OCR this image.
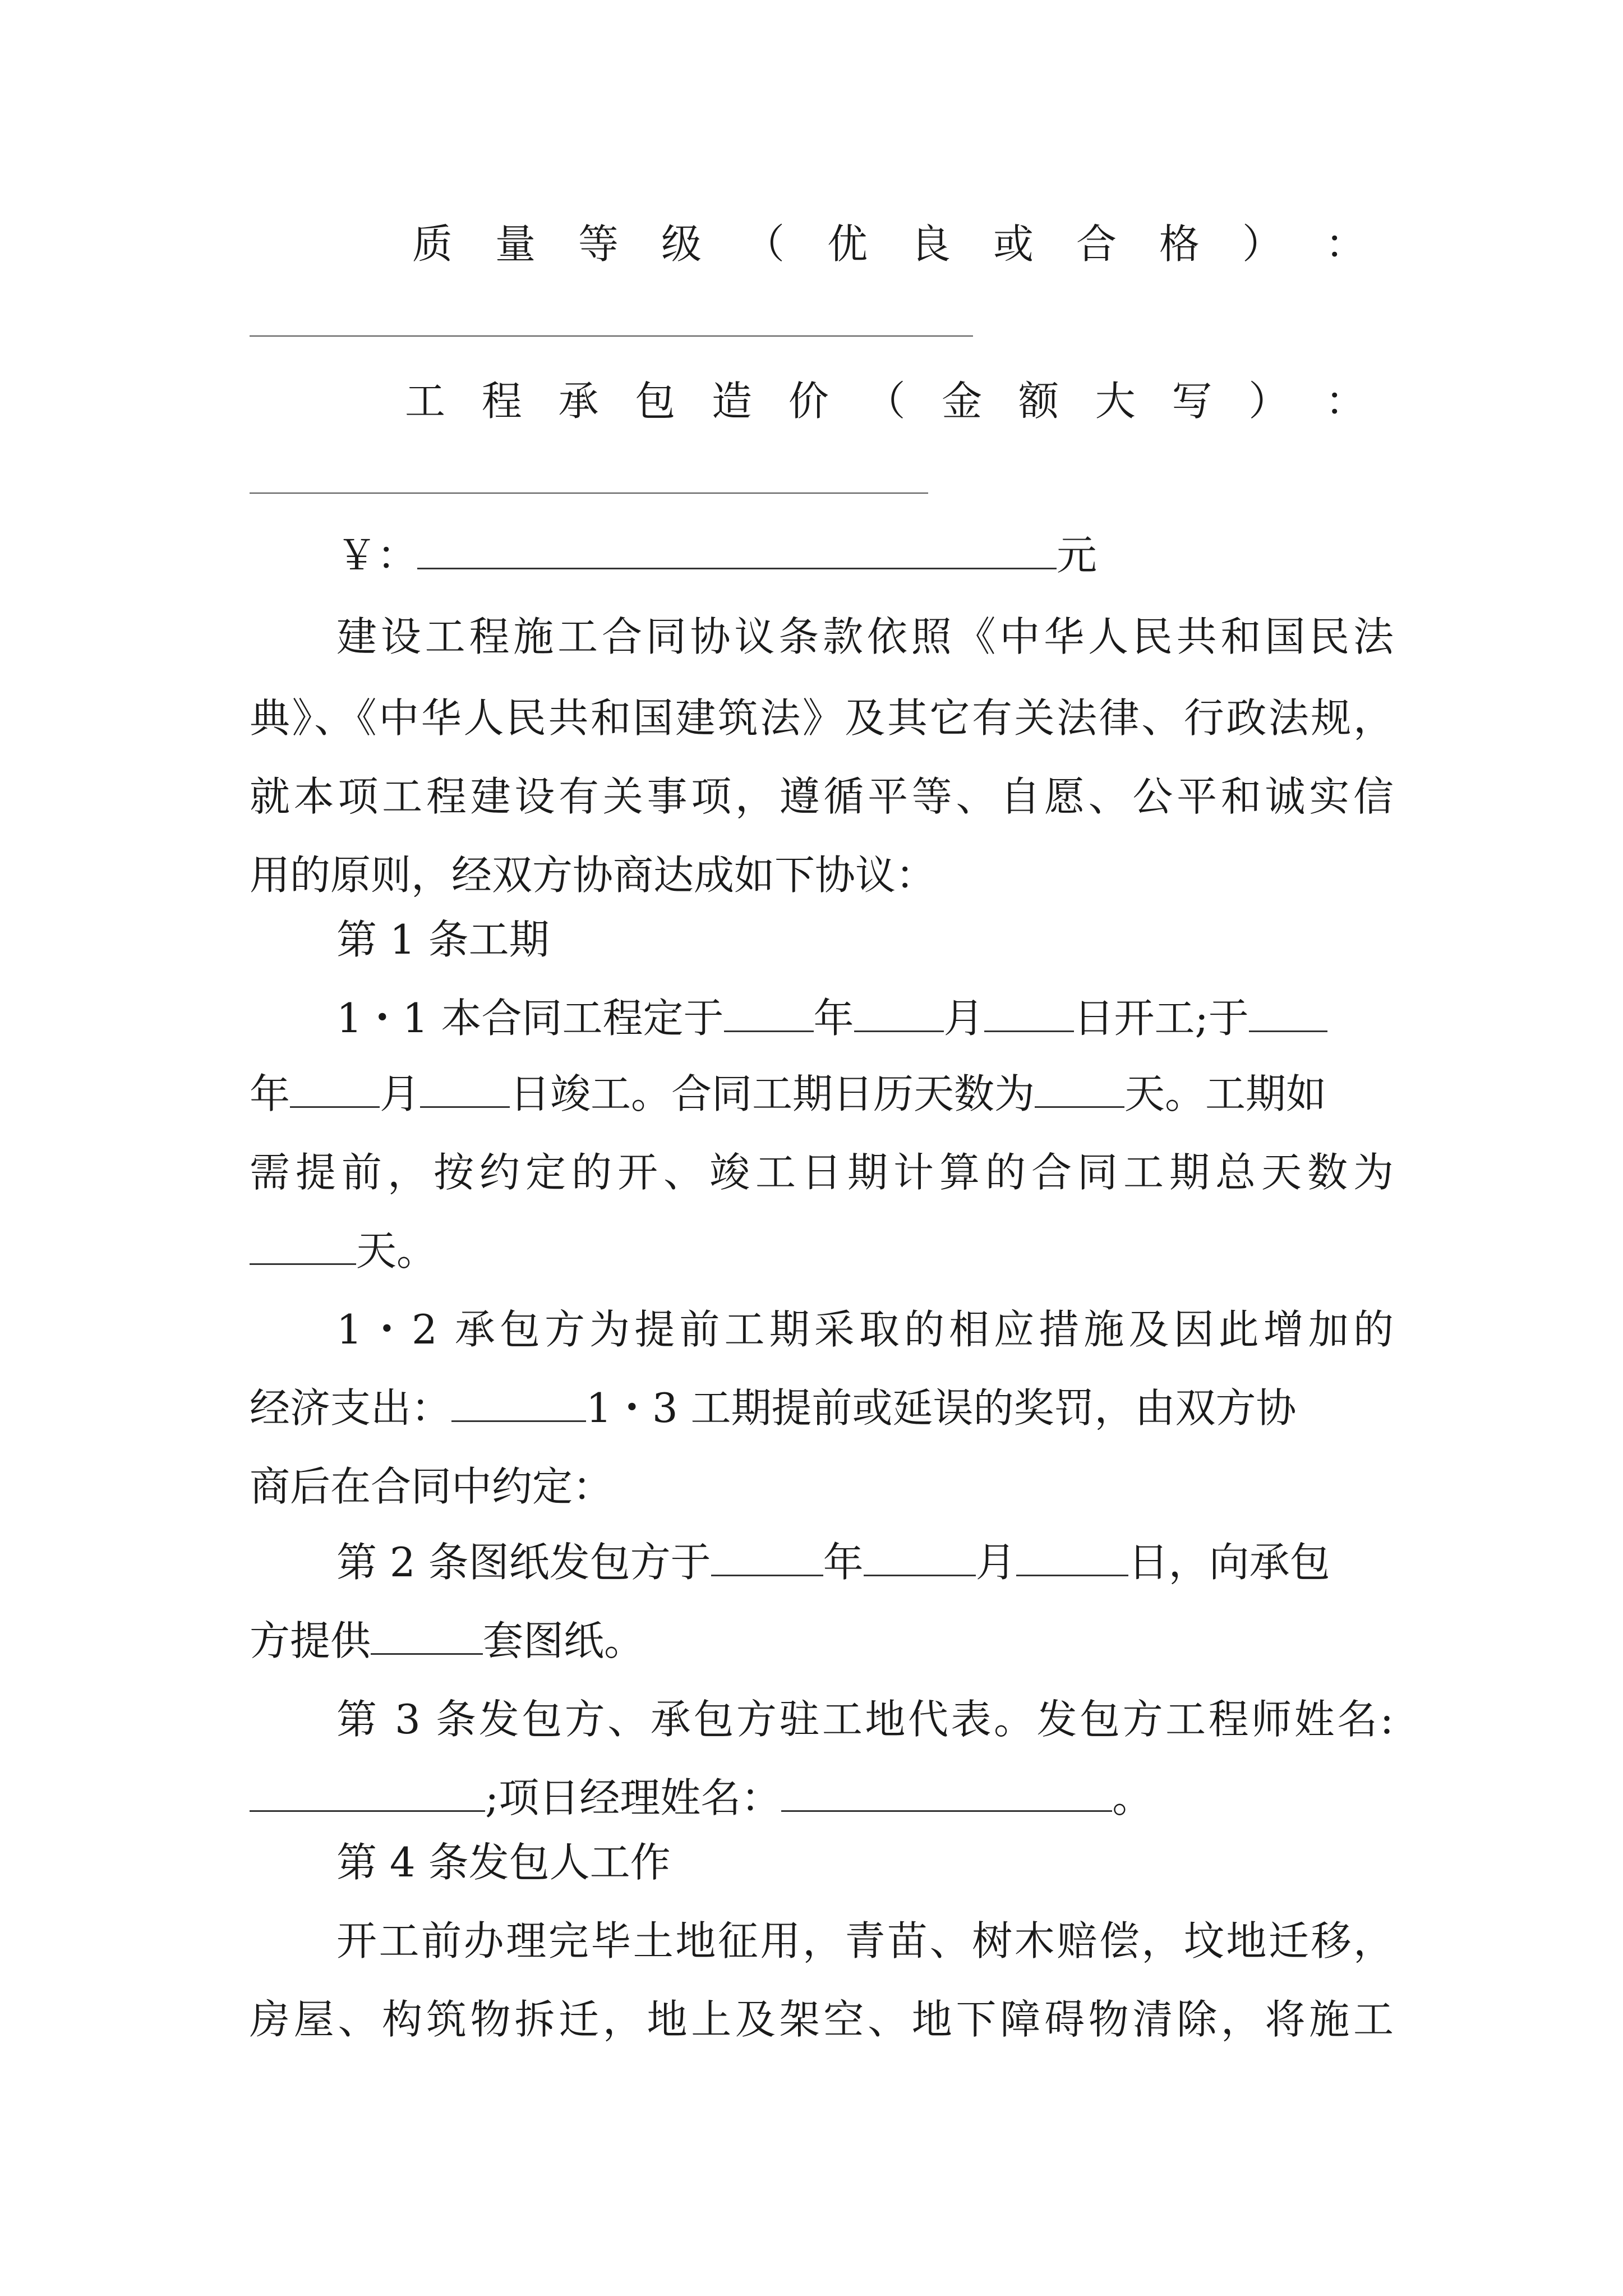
质 量 等 级 （ 优 良 或 合 格 ） ：
工 程 承 包 造 价 （ 金 额 大 写 ） ：
￥：	元
建设工程施工合同协议条款依照《中华人民共和国民法
典》、《中华人民共和国建筑法》及其它有关法律、行政法规，
就本项工程建设有关事项，遵循平等、自愿、公平和诚实信
用的原则，经双方协商达成如下协议：
第 1 条工期
1・1 本合同工程定于 年 月 日开工;于
年 月 日竣工。合同工期日历天数为 天。工期如
需提前，按约定的开、竣工日期计算的合同工期总天数为
天。
1・2 承包方为提前工期采取的相应措施及因此增加的
经济支出：	1・3 工期提前或延误的奖罚，由双方协
商后在合同中约定：
第 2 条图纸发包方于	年	月	日，向承包
方提供	套图纸。
第 3 条发包方、承包方驻工地代表。发包方工程师姓名:
;项日经理姓名：	。
第 4 条发包人工作
开工前办理完毕土地征用，青苗、树木赔偿，坟地迁移，
房屋、构筑物拆迁，地上及架空、地下障碍物清除，将施工
